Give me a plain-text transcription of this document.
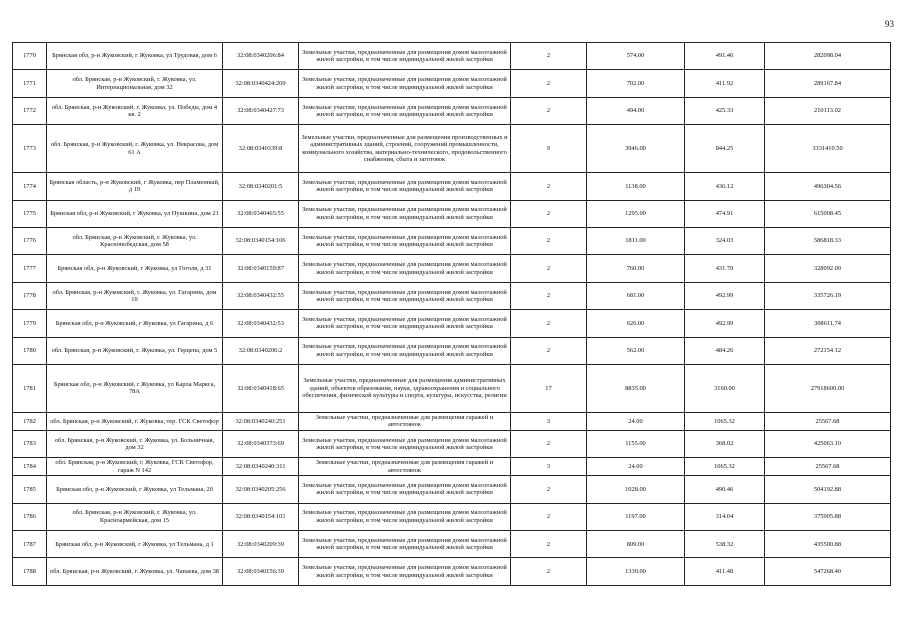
93
1770	Брянская обл, р-н Жуковский, г Жуковка, ул Трудовая, дом 6	32:08:0340206:84	Земельные участки, предназначенные для размещения домов малоэтажной жилой застройки, в том числе индивидуальной жилой застройки	2	574.00	491.46	282098.04
1771	обл. Брянская, р-н Жуковский, г. Жуковка, ул. Интернациональная, дом 32	32:08:0340424:209	Земельные участки, предназначенные для размещения домов малоэтажной жилой застройки, в том числе индивидуальной жилой застройки	2	702.00	411.92	289167.84
1772	обл. Брянская, р-н Жуковский, г. Жуковка, ул. Победы, дом 4 кв. 2	32:08:0340427:73	Земельные участки, предназначенные для размещения домов малоэтажной жилой застройки, в том числе индивидуальной жилой застройки	2	494.00	425.33	210113.02
1773	обл. Брянская, р-н Жуковский, г. Жуковка, ул. Некрасова, дом 61 А	32:08:0340339:8	Земельные участки, предназначенные для размещения производственных и административных зданий, строений, сооружений промышленности, коммунального хозяйства, материально-технического, продовольственного снабжения, сбыта и заготовок	9	3946.00	844.25	3331410.50
1774	Брянская область, р-н Жуковский, г Жуковка, пер Пламенный, д 19	32:08:0340201:5	Земельные участки, предназначенные для размещения домов малоэтажной жилой застройки, в том числе индивидуальной жилой застройки	2	1138.00	436.12	496304.56
1775	Брянская обл, р-н Жуковский, г Жуковка, ул Пушкина, дом 21	32:08:0340465:55	Земельные участки, предназначенные для размещения домов малоэтажной жилой застройки, в том числе индивидуальной жилой застройки	2	1295.00	474.91	615008.45
1776	обл. Брянская, р-н Жуковский, г. Жуковка, ул. Краснопобедская, дом 58	32:08:0340154:106	Земельные участки, предназначенные для размещения домов малоэтажной жилой застройки, в том числе индивидуальной жилой застройки	2	1811.00	324.03	586818.33
1777	Брянская обл, р-н Жуковский, г Жуковка, ул Гоголя, д 31	32:08:0340159:87	Земельные участки, предназначенные для размещения домов малоэтажной жилой застройки, в том числе индивидуальной жилой застройки	2	760.00	431.70	328092.00
1778	обл. Брянская, р-н Жуковский, г. Жуковка, ул. Гагарина, дом 10	32:08:0340432:55	Земельные участки, предназначенные для размещения домов малоэтажной жилой застройки, в том числе индивидуальной жилой застройки	2	681.00	492.99	335726.19
1779	Брянская обл, р-н Жуковский, г Жуковка, ул Гагарина, д 6	32:08:0340432:53	Земельные участки, предназначенные для размещения домов малоэтажной жилой застройки, в том числе индивидуальной жилой застройки	2	626.00	492.99	308611.74
1780	обл. Брянская, р-н Жуковский, г. Жуковка, ул. Герцена, дом 5	32:08:0340206:2	Земельные участки, предназначенные для размещения домов малоэтажной жилой застройки, в том числе индивидуальной жилой застройки	2	562.00	484.26	272154.12
1781	Брянская обл, р-н Жуковский, г Жуковка, ул Карла Маркса, 78А	32:08:0340418:65	Земельные участки, предназначенные для размещения административных зданий, объектов образования, науки, здравоохранения и социального обеспечения, физической культуры и спорта, культуры, искусства, религии	17	8835.00	3160.00	27918600.00
1782	обл. Брянская, р-н Жуковский, г. Жуковка, тер. ГСК Светофор	32:08:0340240:251	Земельные участки, предназначенные для размещения гаражей и автостоянок	3	24.00	1065.32	25567.68
1783	обл. Брянская, р-н Жуковский, г. Жуковка, ул. Больничная, дом 32	32:08:0340373:69	Земельные участки, предназначенные для размещения домов малоэтажной жилой застройки, в том числе индивидуальной жилой застройки	2	1155.00	368.02	425063.10
1784	обл. Брянская, р-н Жуковский, г. Жуковка, ГСК Светофор, гараж N 142	32:08:0340240:311	Земельные участки, предназначенные для размещения гаражей и автостоянок	3	24.00	1065.32	25567.68
1785	Брянская обл, р-н Жуковский, г Жуковка, ул Тельмана, 20	32:08:0340205:256	Земельные участки, предназначенные для размещения домов малоэтажной жилой застройки, в том числе индивидуальной жилой застройки	2	1028.00	490.46	504192.88
1786	обл. Брянская, р-н Жуковский, г. Жуковка, ул. Красноармейская, дом 15	32:08:0340154:101	Земельные участки, предназначенные для размещения домов малоэтажной жилой застройки, в том числе индивидуальной жилой застройки	2	1197.00	314.04	375905.88
1787	Брянская обл, р-н Жуковский, г Жуковка, ул Тельмана, д 1	32:08:0340209:39	Земельные участки, предназначенные для размещения домов малоэтажной жилой застройки, в том числе индивидуальной жилой застройки	2	809.00	538.32	435500.88
1788	обл. Брянская, р-н Жуковский, г. Жуковка, ул. Чапаева, дом 38	32:08:0340156:39	Земельные участки, предназначенные для размещения домов малоэтажной жилой застройки, в том числе индивидуальной жилой застройки	2	1330.00	411.48	547268.40
